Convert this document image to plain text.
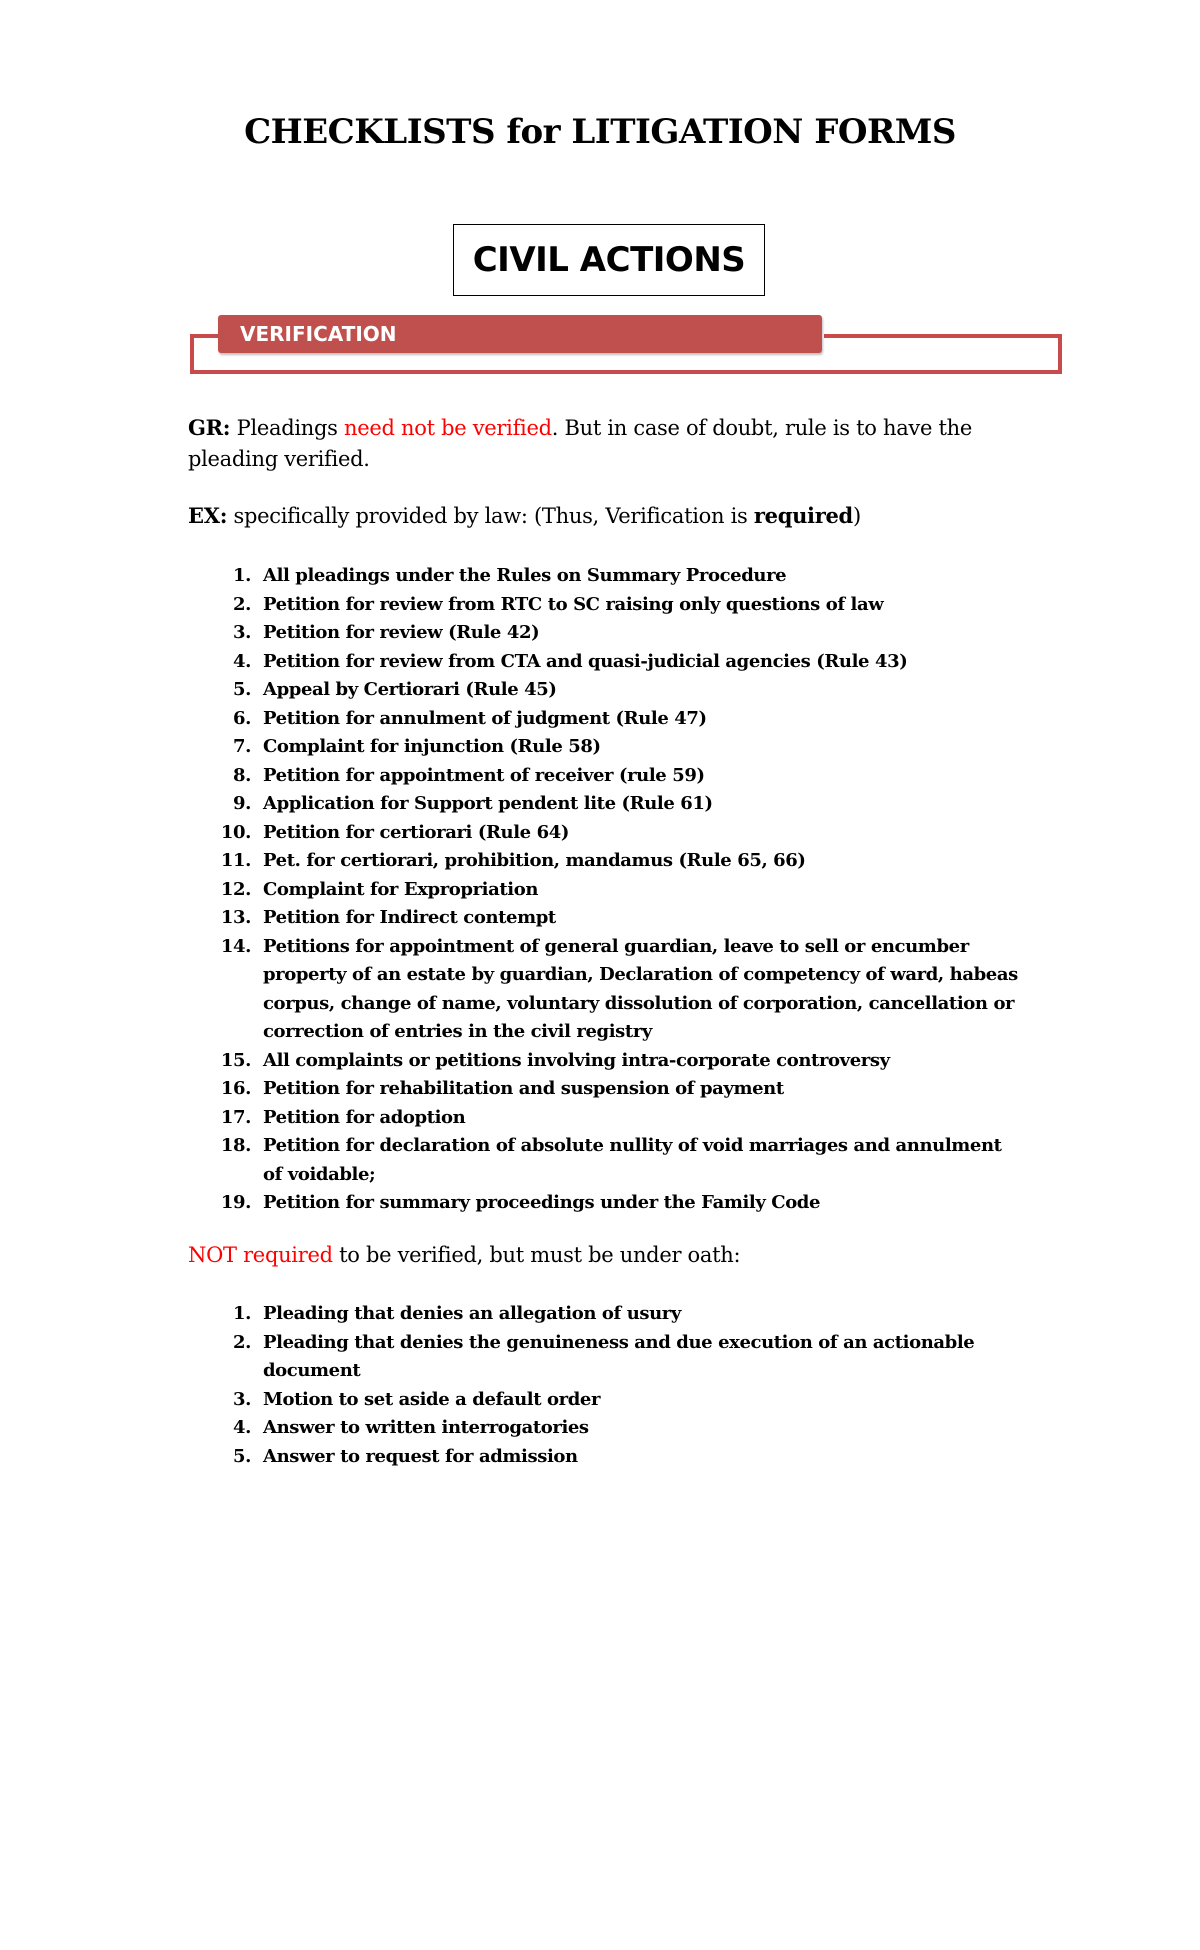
CHECKLISTS for LITIGATION FORMS
CIVIL ACTIONS
VERIFICATION

GR: Pleadings need not be verified. But in case of doubt, rule is to have the pleading verified.

EX: specifically provided by law: (Thus, Verification is required)

1. All pleadings under the Rules on Summary Procedure
2. Petition for review from RTC to SC raising only questions of law
3. Petition for review (Rule 42)
4. Petition for review from CTA and quasi-judicial agencies (Rule 43)
5. Appeal by Certiorari (Rule 45)
6. Petition for annulment of judgment (Rule 47)
7. Complaint for injunction (Rule 58)
8. Petition for appointment of receiver (rule 59)
9. Application for Support pendent lite (Rule 61)
10. Petition for certiorari (Rule 64)
11. Pet. for certiorari, prohibition, mandamus (Rule 65, 66)
12. Complaint for Expropriation
13. Petition for Indirect contempt
14. Petitions for appointment of general guardian, leave to sell or encumber property of an estate by guardian, Declaration of competency of ward, habeas corpus, change of name, voluntary dissolution of corporation, cancellation or correction of entries in the civil registry
15. All complaints or petitions involving intra-corporate controversy
16. Petition for rehabilitation and suspension of payment
17. Petition for adoption
18. Petition for declaration of absolute nullity of void marriages and annulment of voidable;
19. Petition for summary proceedings under the Family Code

NOT required to be verified, but must be under oath:

1. Pleading that denies an allegation of usury
2. Pleading that denies the genuineness and due execution of an actionable document
3. Motion to set aside a default order
4. Answer to written interrogatories
5. Answer to request for admission
